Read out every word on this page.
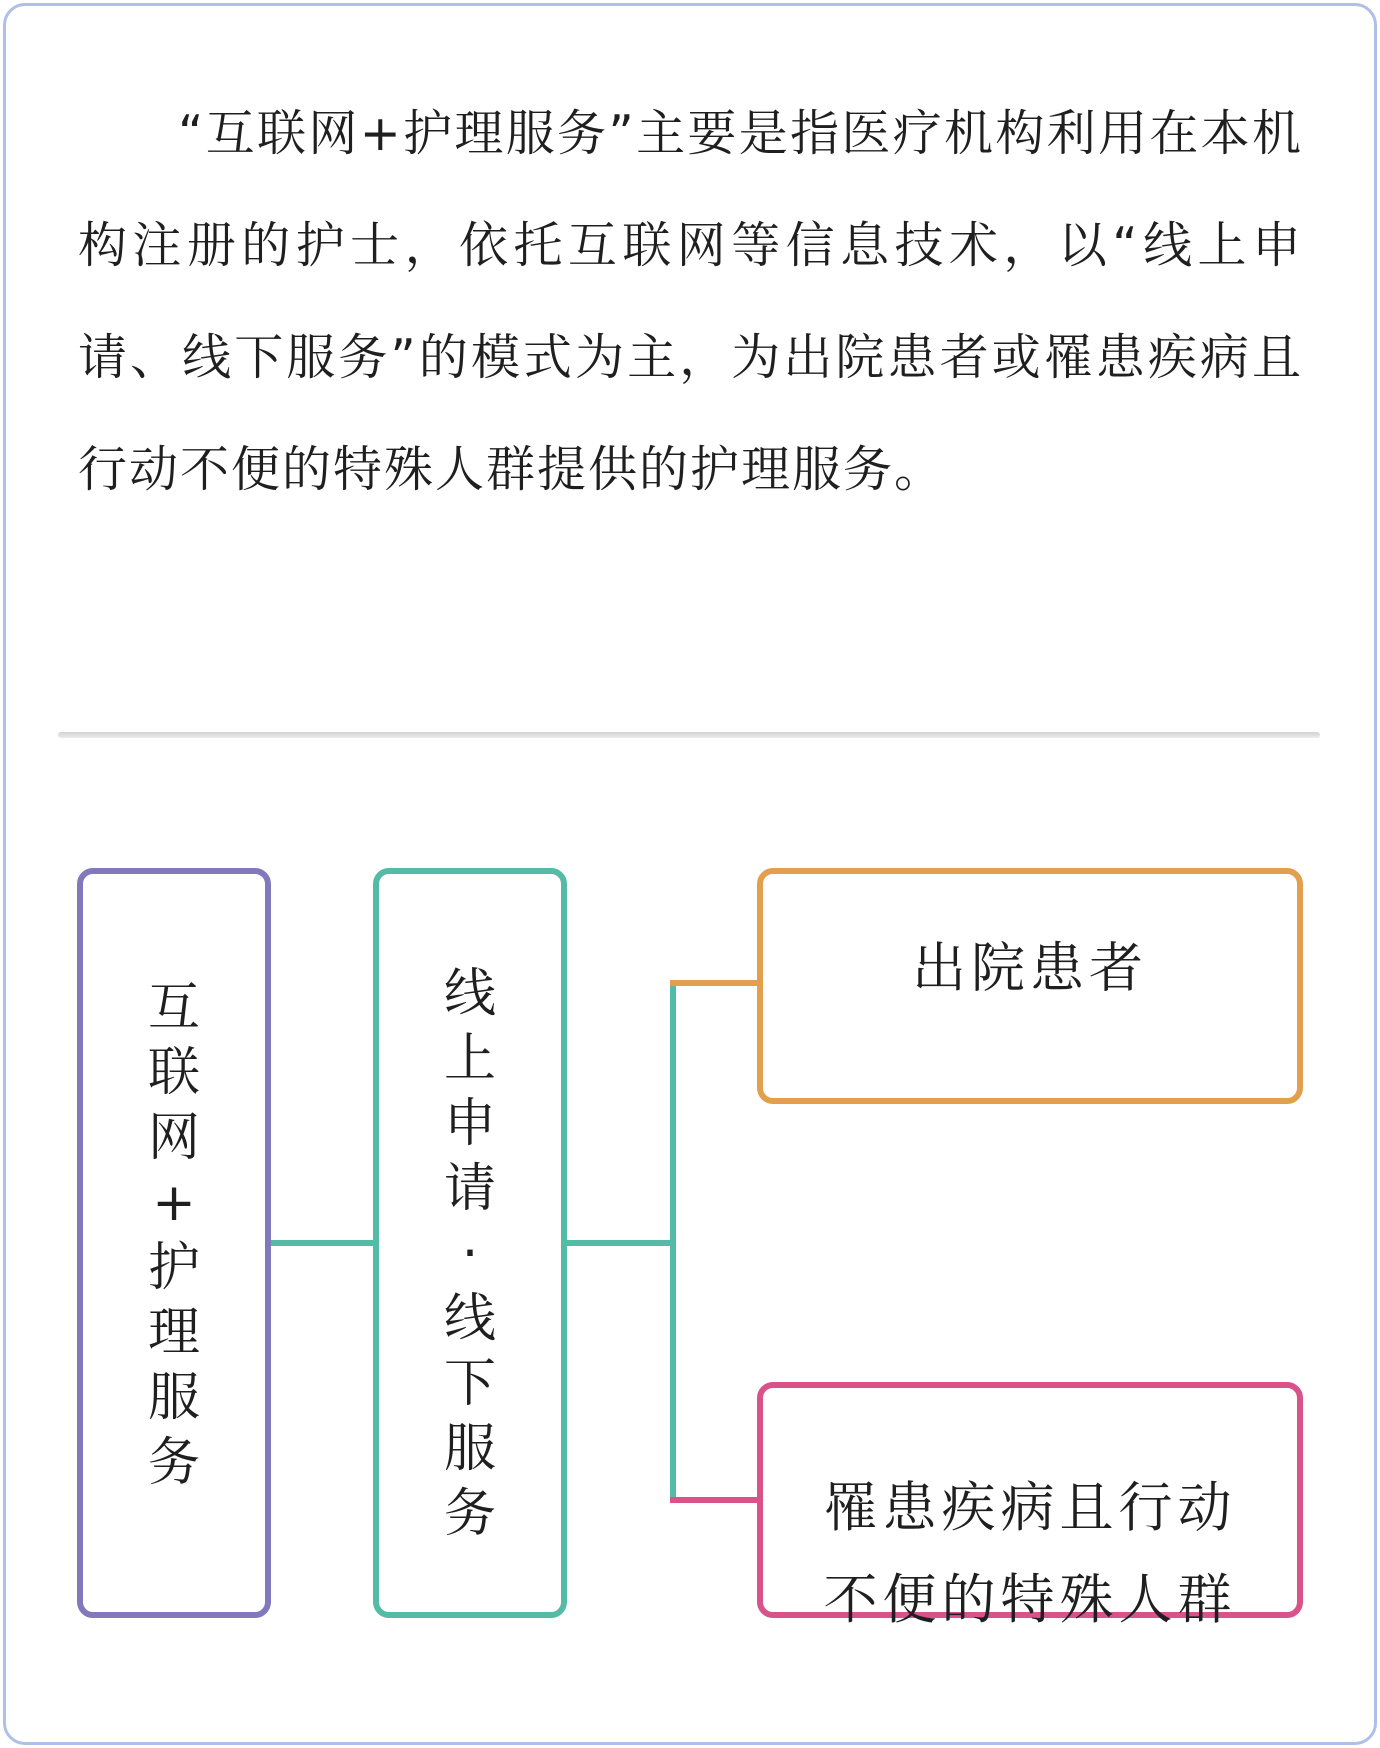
“互联网+护理服务”主要是指医疗机构利用在本机构注册的护士，依托互联网等信息技术，以“线上申请、线下服务”的模式为主，为出院患者或罹患疾病且行动不便的特殊人群提供的护理服务。

互
联
网
+
护
理
服
务
线
上
申
请
·
线
下
服
务
出院患者
罹患疾病且行动
不便的特殊人群
